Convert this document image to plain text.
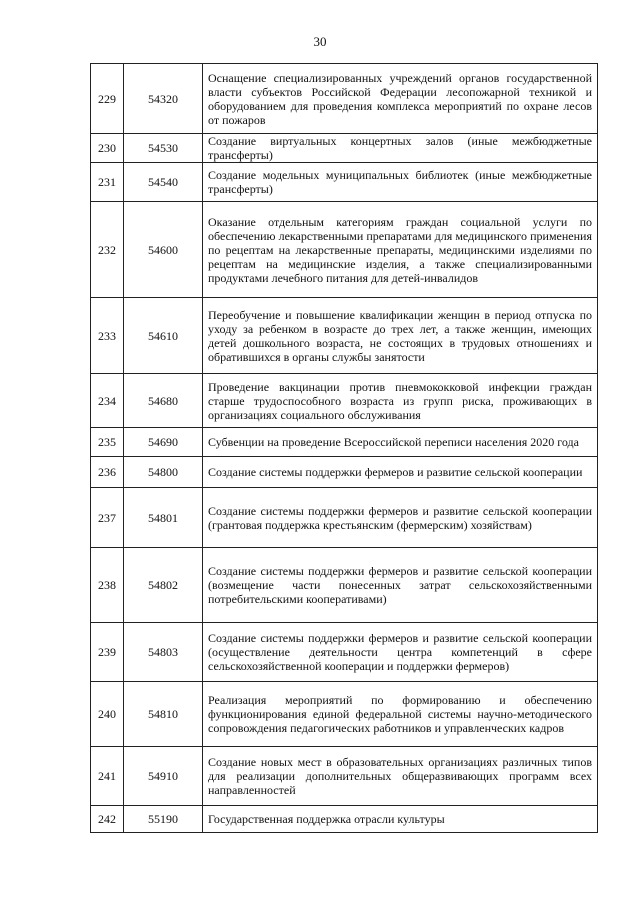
30
229	54320	Оснащение специализированных учреждений органов государственной власти субъектов Российской Федерации лесопожарной техникой и оборудованием для проведения комплекса мероприятий по охране лесов от пожаров
230	54530	Создание виртуальных концертных залов (иные межбюджетные трансферты)
231	54540	Создание модельных муниципальных библиотек (иные межбюджетные трансферты)
232	54600	Оказание отдельным категориям граждан социальной услуги по обеспечению лекарственными препаратами для медицинского применения по рецептам на лекарственные препараты, медицинскими изделиями по рецептам на медицинские изделия, а также специализированными продуктами лечебного питания для детей-инвалидов
233	54610	Переобучение и повышение квалификации женщин в период отпуска по уходу за ребенком в возрасте до трех лет, а также женщин, имеющих детей дошкольного возраста, не состоящих в трудовых отношениях и обратившихся в органы службы занятости
234	54680	Проведение вакцинации против пневмококковой инфекции граждан старше трудоспособного возраста из групп риска, проживающих в организациях социального обслуживания
235	54690	Субвенции на проведение Всероссийской переписи населения 2020 года
236	54800	Создание системы поддержки фермеров и развитие сельской кооперации
237	54801	Создание системы поддержки фермеров и развитие сельской кооперации (грантовая поддержка крестьянским (фермерским) хозяйствам)
238	54802	Создание системы поддержки фермеров и развитие сельской кооперации (возмещение части понесенных затрат сельскохозяйственными потребительскими кооперативами)
239	54803	Создание системы поддержки фермеров и развитие сельской кооперации (осуществление деятельности центра компетенций в сфере сельскохозяйственной кооперации и поддержки фермеров)
240	54810	Реализация мероприятий по формированию и обеспечению функционирования единой федеральной системы научно-методического сопровождения педагогических работников и управленческих кадров
241	54910	Создание новых мест в образовательных организациях различных типов для реализации дополнительных общеразвивающих программ всех направленностей
242	55190	Государственная поддержка отрасли культуры
